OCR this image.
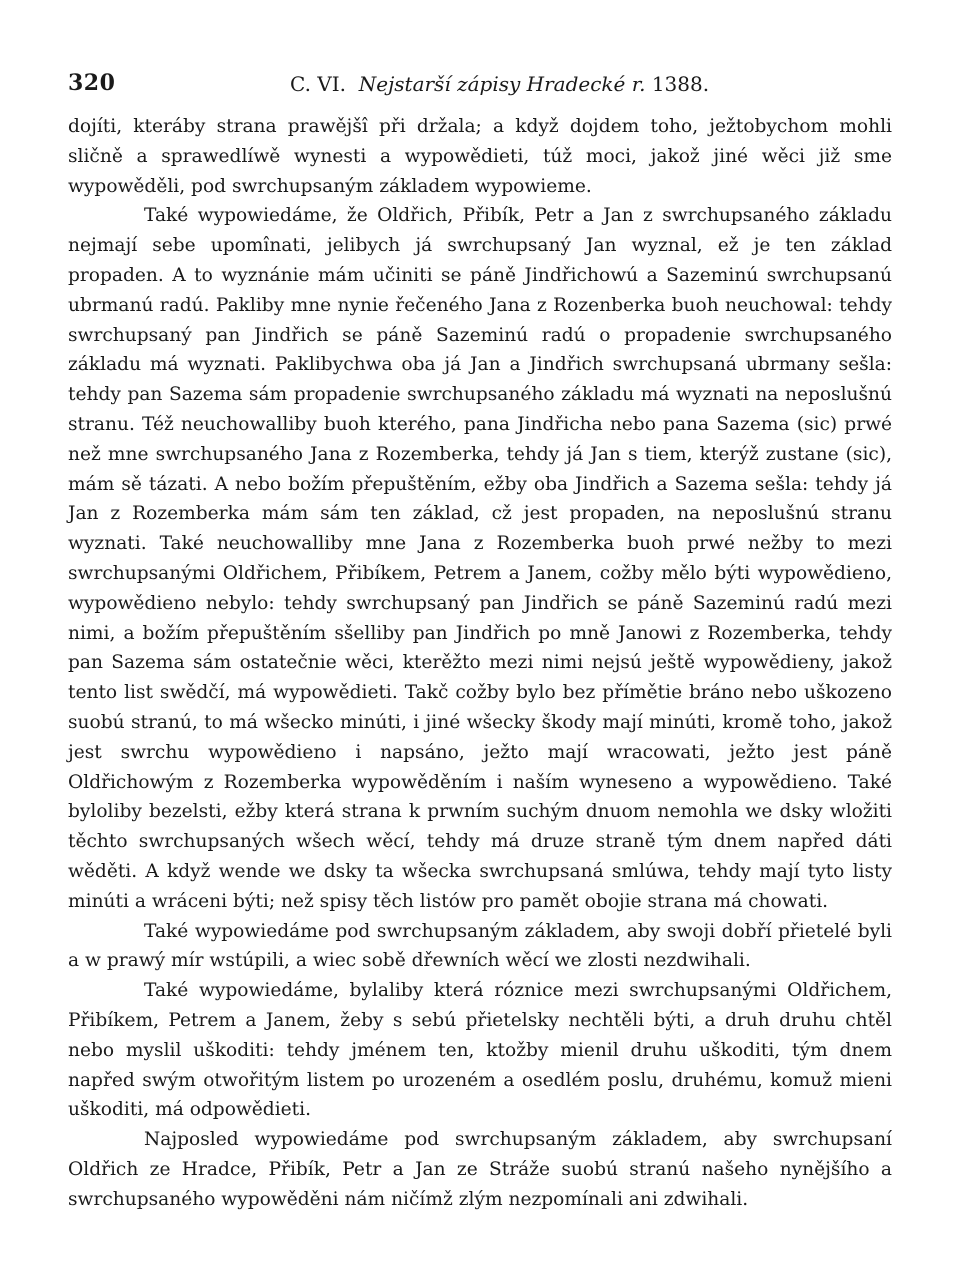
320	C. VI. Nejstarší zápisy Hradecké r. 1388.

dojíti, kteráby strana prawějšî při držala; a když dojdem toho, ježtobychom mohli sličně a sprawedlíwě wynesti a wypowědieti, túž moci, jakož jiné wěci již sme wypowěděli, pod swrchupsaným základem wypowieme.

Také wypowiedáme, že Oldřich, Přibík, Petr a Jan z swrchupsaného základu nejmají sebe upomînati, jelibych já swrchupsaný Jan wyznal, ež je ten základ propaden. A to wyznánie mám učiniti se páně Jindřichowú a Sazeminú swrchupsanú ubrmanú radú. Pakliby mne nynie řečeného Jana z Rozenberka buoh neuchowal: tehdy swrchupsaný pan Jindřich se páně Sazeminú radú o propadenie swrchupsaného základu má wyznati. Paklibychwa oba já Jan a Jindřich swrchupsaná ubrmany sešla: tehdy pan Sazema sám propadenie swrchupsaného základu má wyznati na neposlušnú stranu. Též neuchowalliby buoh kterého, pana Jindřicha nebo pana Sazema (sic) prwé než mne swrchupsaného Jana z Rozemberka, tehdy já Jan s tiem, kterýž zustane (sic), mám sě tázati. A nebo božím přepuštěním, ežby oba Jindřich a Sazema sešla: tehdy já Jan z Rozemberka mám sám ten základ, cž jest propaden, na neposlušnú stranu wyznati. Také neuchowalliby mne Jana z Rozemberka buoh prwé nežby to mezi swrchupsanými Oldřichem, Přibíkem, Petrem a Janem, cožby mělo býti wypowědieno, wypowědieno nebylo: tehdy swrchupsaný pan Jindřich se páně Sazeminú radú mezi nimi, a božím přepuštěním sšelliby pan Jindřich po mně Janowi z Rozemberka, tehdy pan Sazema sám ostatečnie wěci, kterěžto mezi nimi nejsú ještě wypowědieny, jakož tento list swědčí, má wypowědieti. Takč cožby bylo bez přímětie bráno nebo uškozeno suobú stranú, to má wšecko minúti, i jiné wšecky škody mají minúti, kromě toho, jakož jest swrchu wypowědieno i napsáno, ježto mají wracowati, ježto jest páně Oldřichowým z Rozemberka wypowěděním i naším wyneseno a wypowědieno. Také byloliby bezelsti, ežby která strana k prwním suchým dnuom nemohla we dsky wložiti těchto swrchupsaných wšech wěcí, tehdy má druze straně tým dnem napřed dáti wěděti. A když wende we dsky ta wšecka swrchupsaná smlúwa, tehdy mají tyto listy minúti a wráceni býti; než spisy těch listów pro pamět obojie strana má chowati.

Také wypowiedáme pod swrchupsaným základem, aby swoji dobří přietelé byli a w prawý mír wstúpili, a wiec sobě dřewních wěcí we zlosti nezdwihali.

Také wypowiedáme, bylaliby která róznice mezi swrchupsanými Oldřichem, Přibíkem, Petrem a Janem, žeby s sebú přietelsky nechtěli býti, a druh druhu chtěl nebo myslil uškoditi: tehdy jménem ten, ktožby mienil druhu uškoditi, tým dnem napřed swým otwořitým listem po urozeném a osedlém poslu, druhému, komuž mieni uškoditi, má odpowědieti.

Najposled wypowiedáme pod swrchupsaným základem, aby swrchupsaní Oldřich ze Hradce, Přibík, Petr a Jan ze Stráže suobú stranú našeho nynějšího a swrchupsaného wypowěděni nám ničímž zlým nezpomínali ani zdwihali.
